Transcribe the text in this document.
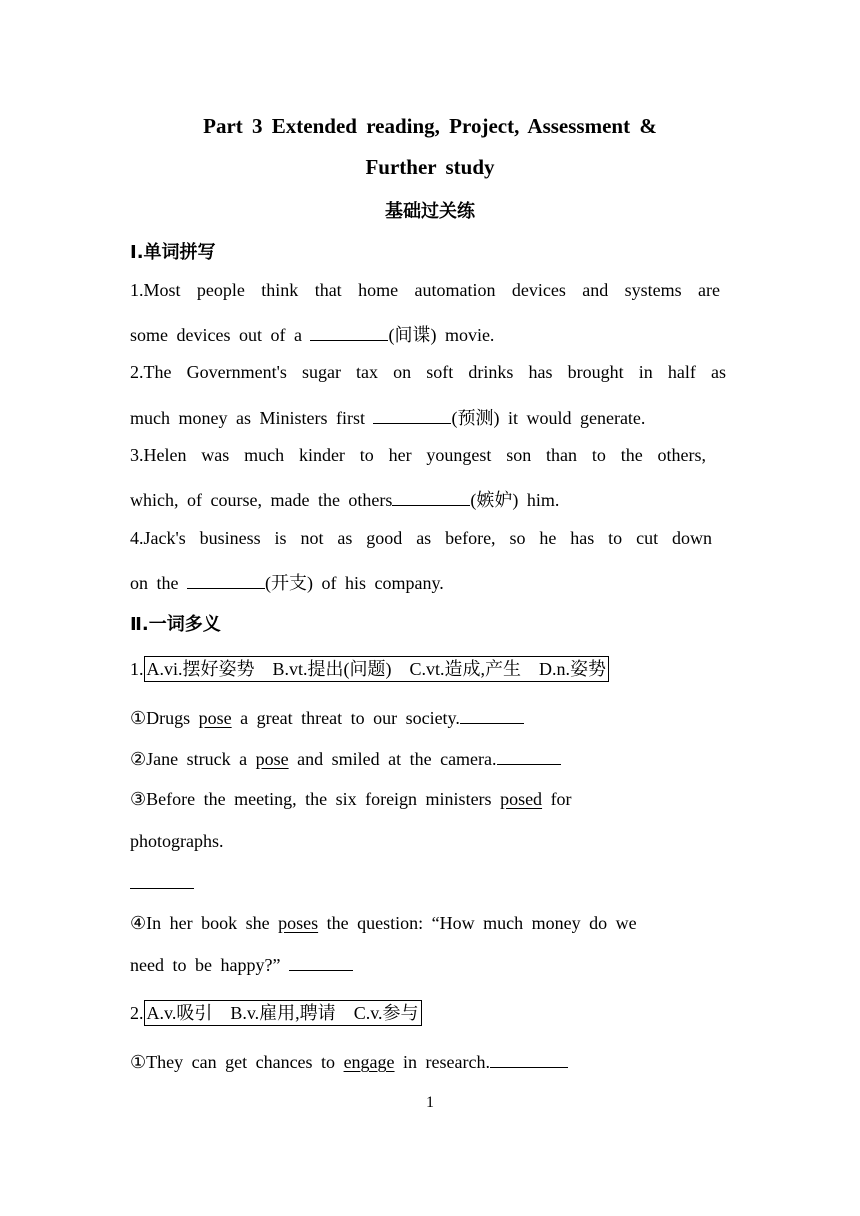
Part 3 Extended reading, Project, Assessment &
Further study
基础过关练
Ⅰ.单词拼写
1.Most people think that home automation devices and systems are
some devices out of a	(间谍) movie.
2.The Government's sugar tax on soft drinks has brought in half as
much money as Ministers first	(预测) it would generate.
3.Helen was much kinder to her youngest son than to the others,
which, of course, made the others	(嫉妒) him.
4.Jack's business is not as good as before, so he has to cut down
on the	(开支) of his company.
Ⅱ.一词多义
1. A.vi.摆好姿势 B.vt.提出(问题) C.vt.造成,产生 D.n.姿势
①Drugs pose a great threat to our society.
②Jane struck a pose and smiled at the camera.
③Before the meeting, the six foreign ministers posed for
photographs.
④In her book she poses the question: “How much money do we
need to be happy?”
2. A.v.吸引 B.v.雇用,聘请 C.v.参与
①They can get chances to engage in research.
1
